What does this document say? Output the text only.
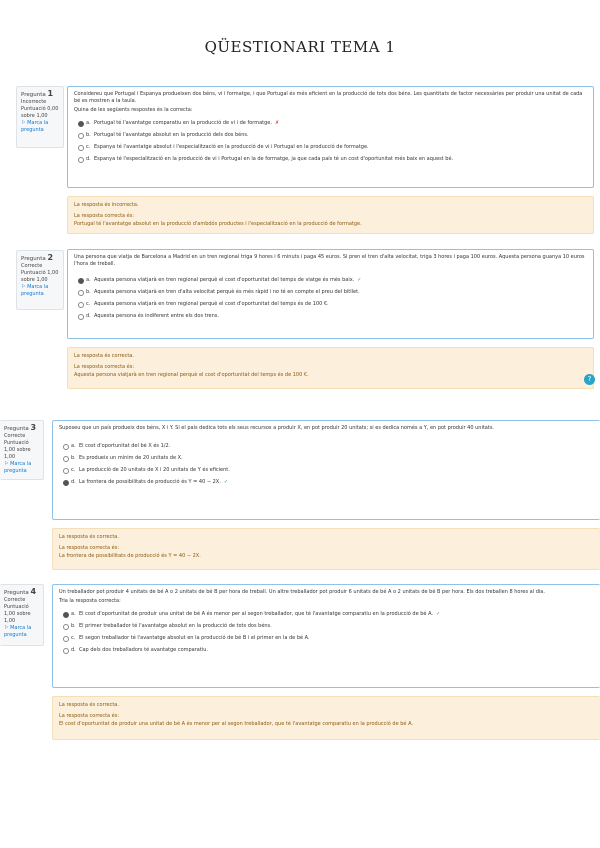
QÜESTIONARI TEMA 1
Pregunta 1
Incorrecte
Puntuació 0,00 sobre 1,00
⚐ Marca la pregunta
Considereu que Portugal i Espanya produeixen dos béns, vi i formatge, i que Portugal és més eficient en la producció de tots dos béns. Les quantitats de factor necessàries per produir una unitat de cada bé es mostren a la taula.
Quina de les següents respostes és la correcta:
a. Portugal té l'avantatge comparatiu en la producció de vi i de formatge. ✗
b. Portugal té l'avantatge absolut en la producció dels dos béns.
c. Espanya té l'avantatge absolut i l'especialització en la producció de vi i Portugal en la producció de formatge.
d. Espanya té l'especialització en la producció de vi i Portugal en la de formatge, ja que cada país té un cost d'oportunitat més baix en aquest bé.
La resposta és incorrecta.
La resposta correcta és:
Portugal té l'avantatge absolut en la producció d'ambdós productes i l'especialització en la producció de formatge.
Pregunta 2
Correcte
Puntuació 1,00 sobre 1,00
⚐ Marca la pregunta
Una persona que viatja de Barcelona a Madrid en un tren regional triga 9 hores i 6 minuts i paga 45 euros. Si pren el tren d'alta velocitat, triga 3 hores i paga 100 euros. Aquesta persona guanya 10 euros l'hora de treball.
a. Aquesta persona viatjarà en tren regional perquè el cost d'oportunitat del temps de viatge és més baix. ✓
b. Aquesta persona viatjarà en tren d'alta velocitat perquè és més ràpid i no té en compte el preu del bitllet.
c. Aquesta persona viatjarà en tren regional perquè el cost d'oportunitat del temps és de 100 €.
d. Aquesta persona és indiferent entre els dos trens.
La resposta és correcta.
La resposta correcta és:
Aquesta persona viatjarà en tren regional perquè el cost d'oportunitat del temps és de 100 €.	?
Pregunta 3
Correcte
Puntuació 1,00 sobre 1,00
⚐ Marca la pregunta
Suposeu que un país produeix dos béns, X i Y. Si el país dedica tots els seus recursos a produir X, en pot produir 20 unitats; si es dedica només a Y, en pot produir 40 unitats.
a. El cost d'oportunitat del bé X és 1/2.
b. Es produeix un mínim de 20 unitats de X.
c. La producció de 20 unitats de X i 20 unitats de Y és eficient.
d. La frontera de possibilitats de producció és Y = 40 − 2X. ✓
La resposta és correcta.
La resposta correcta és:
La frontera de possibilitats de producció és Y = 40 − 2X.
Pregunta 4
Correcte
Puntuació 1,00 sobre 1,00
⚐ Marca la pregunta
Un treballador pot produir 4 unitats de bé A o 2 unitats de bé B per hora de treball. Un altre treballador pot produir 6 unitats de bé A o 2 unitats de bé B per hora. Els dos treballen 8 hores al dia.
Tria la resposta correcta:
a. El cost d'oportunitat de produir una unitat de bé A és menor per al segon treballador, que té l'avantatge comparatiu en la producció de bé A. ✓
b. El primer treballador té l'avantatge absolut en la producció de tots dos béns.
c. El segon treballador té l'avantatge absolut en la producció de bé B i el primer en la de bé A.
d. Cap dels dos treballadors té avantatge comparatiu.
La resposta és correcta.
La resposta correcta és:
El cost d'oportunitat de produir una unitat de bé A és menor per al segon treballador, que té l'avantatge comparatiu en la producció de bé A.
